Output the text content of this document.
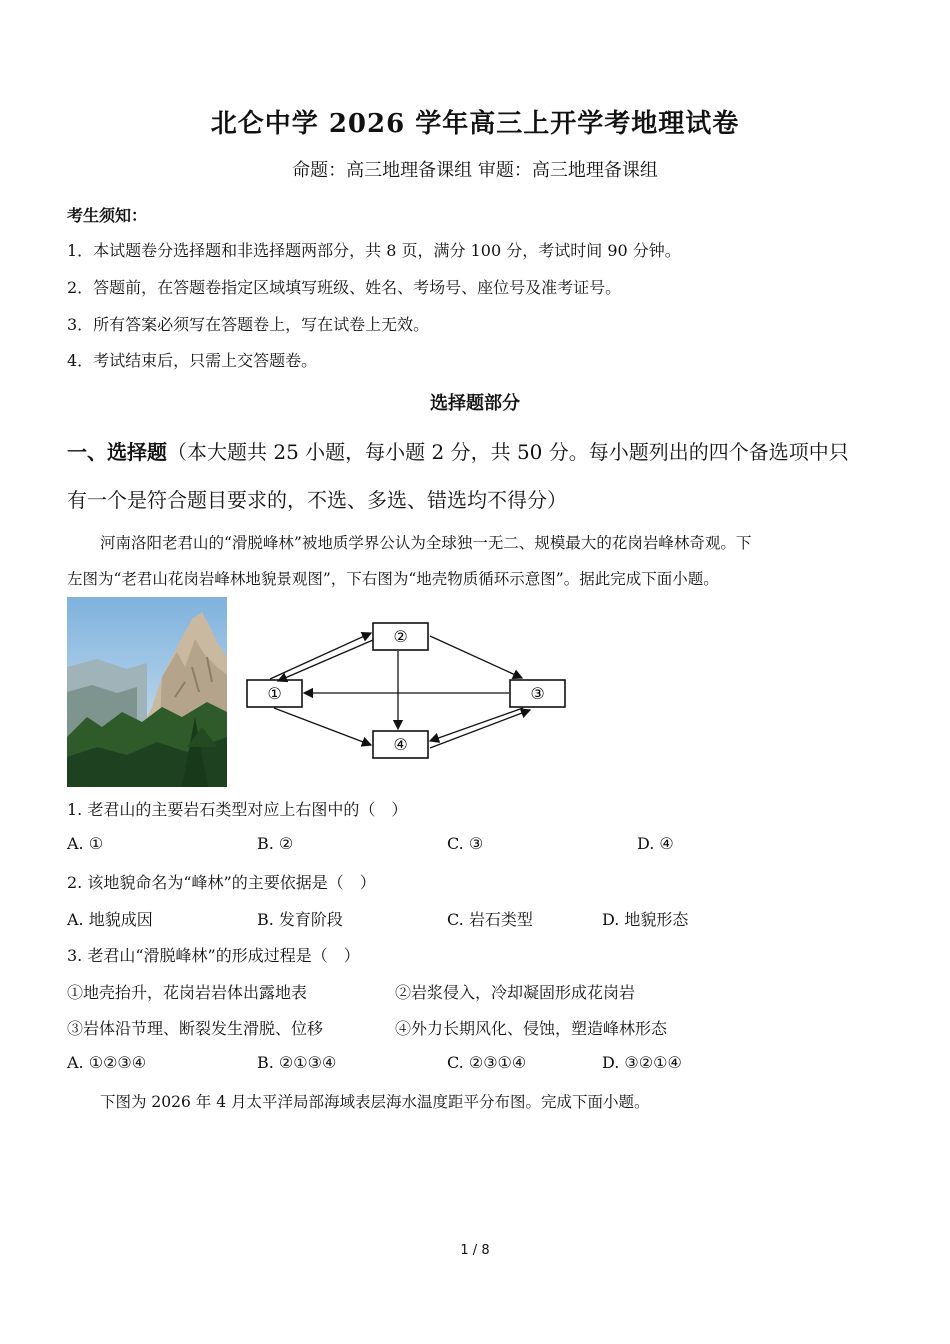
北仑中学 2026 学年高三上开学考地理试卷
命题：高三地理备课组 审题：高三地理备课组
考生须知：
1．本试题卷分选择题和非选择题两部分，共 8 页，满分 100 分，考试时间 90 分钟。
2．答题前，在答题卷指定区域填写班级、姓名、考场号、座位号及准考证号。
3．所有答案必须写在答题卷上，写在试卷上无效。
4．考试结束后，只需上交答题卷。
选择题部分
一、选择题（本大题共 25 小题，每小题 2 分，共 50 分。每小题列出的四个备选项中只
有一个是符合题目要求的，不选、多选、错选均不得分）
河南洛阳老君山的“滑脱峰林”被地质学界公认为全球独一无二、规模最大的花岗岩峰林奇观。下
左图为“老君山花岗岩峰林地貌景观图”，下右图为“地壳物质循环示意图”。据此完成下面小题。
①
②
③
④
1. 老君山的主要岩石类型对应上右图中的（　）
A. ①	B. ②	C. ③	D. ④
2. 该地貌命名为“峰林”的主要依据是（　）
A. 地貌成因	B. 发育阶段	C. 岩石类型	D. 地貌形态
3. 老君山“滑脱峰林”的形成过程是（　）
①地壳抬升，花岗岩岩体出露地表	②岩浆侵入，冷却凝固形成花岗岩
③岩体沿节理、断裂发生滑脱、位移	④外力长期风化、侵蚀，塑造峰林形态
A. ①②③④	B. ②①③④	C. ②③①④	D. ③②①④
下图为 2026 年 4 月太平洋局部海域表层海水温度距平分布图。完成下面小题。
1 / 8
